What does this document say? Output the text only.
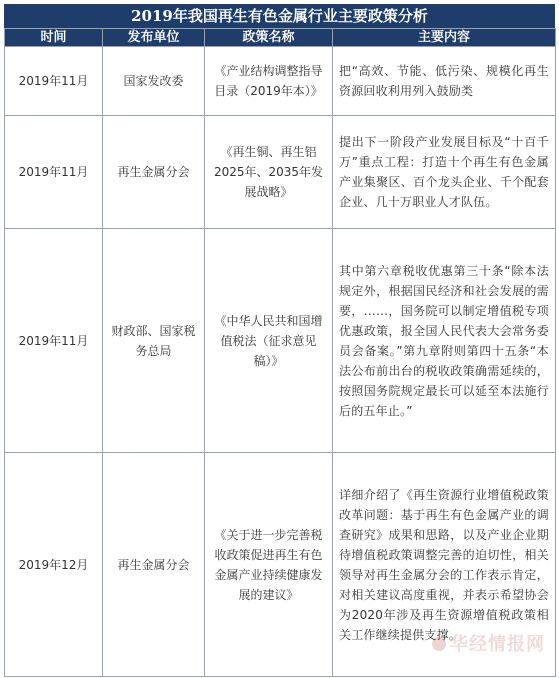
2019年我国再生有色金属行业主要政策分析
时间	发布单位	政策名称	主要内容
2019年11月	国家发改委	《产业结构调整指导目录（2019年本）》	把“高效、节能、低污染、规模化再生资源回收利用列入鼓励类
2019年11月	再生金属分会	《再生铜、再生铝2025年、2035年发展战略》	提出下一阶段产业发展目标及“十百千万”重点工程：打造十个再生有色金属产业集聚区、百个龙头企业、千个配套企业、几十万职业人才队伍。
2019年11月	财政部、国家税务总局	《中华人民共和国增值税法（征求意见稿）》	其中第六章税收优惠第三十条“除本法规定外，根据国民经济和社会发展的需要，……，国务院可以制定增值税专项优惠政策，报全国人民代表大会常务委员会备案。”第九章附则第四十五条“本法公布前出台的税收政策确需延续的，按照国务院规定最长可以延至本法施行后的五年止。”
2019年12月	再生金属分会	《关于进一步完善税收政策促进再生有色金属产业持续健康发展的建议》	详细介绍了《再生资源行业增值税政策改革问题：基于再生有色金属产业的调查研究》成果和思路，以及产业企业期待增值税政策调整完善的迫切性，相关领导对再生金属分会的工作表示肯定，对相关建议高度重视，并表示希望协会为2020年涉及再生资源增值税政策相关工作继续提供支撑。
华经情报网
